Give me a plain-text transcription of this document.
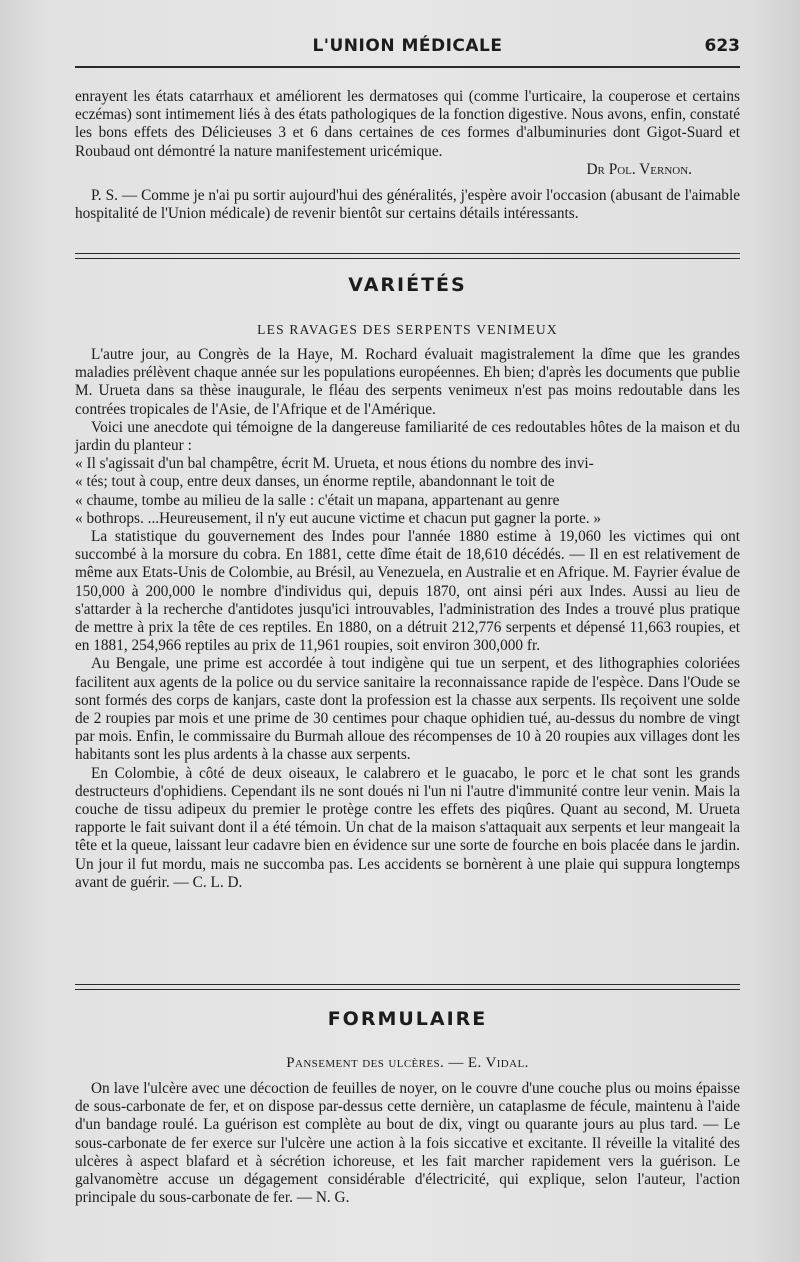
L'UNION MÉDICALE	623

enrayent les états catarrhaux et améliorent les dermatoses qui (comme l'urticaire, la couperose et certains eczémas) sont intimement liés à des états pathologiques de la fonction digestive. Nous avons, enfin, constaté les bons effets des Délicieuses 3 et 6 dans certaines de ces formes d'albuminuries dont Gigot-Suard et Roubaud ont démontré la nature manifestement uricémique.

Dr Pol. Vernon.

P. S. — Comme je n'ai pu sortir aujourd'hui des généralités, j'espère avoir l'occasion (abusant de l'aimable hospitalité de l'Union médicale) de revenir bientôt sur certains détails intéressants.

VARIÉTÉS
LES RAVAGES DES SERPENTS VENIMEUX

L'autre jour, au Congrès de la Haye, M. Rochard évaluait magistralement la dîme que les grandes maladies prélèvent chaque année sur les populations européennes. Eh bien; d'après les documents que publie M. Urueta dans sa thèse inaugurale, le fléau des serpents venimeux n'est pas moins redoutable dans les contrées tropicales de l'Asie, de l'Afrique et de l'Amérique.

Voici une anecdote qui témoigne de la dangereuse familiarité de ces redoutables hôtes de la maison et du jardin du planteur :

« Il s'agissait d'un bal champêtre, écrit M. Urueta, et nous étions du nombre des invi-

« tés; tout à coup, entre deux danses, un énorme reptile, abandonnant le toit de

« chaume, tombe au milieu de la salle : c'était un mapana, appartenant au genre

« bothrops. ...Heureusement, il n'y eut aucune victime et chacun put gagner la porte. »

La statistique du gouvernement des Indes pour l'année 1880 estime à 19,060 les victimes qui ont succombé à la morsure du cobra. En 1881, cette dîme était de 18,610 décédés. — Il en est relativement de même aux Etats-Unis de Colombie, au Brésil, au Venezuela, en Australie et en Afrique. M. Fayrier évalue de 150,000 à 200,000 le nombre d'individus qui, depuis 1870, ont ainsi péri aux Indes. Aussi au lieu de s'attarder à la recherche d'antidotes jusqu'ici introuvables, l'administration des Indes a trouvé plus pratique de mettre à prix la tête de ces reptiles. En 1880, on a détruit 212,776 serpents et dépensé 11,663 roupies, et en 1881, 254,966 reptiles au prix de 11,961 roupies, soit environ 300,000 fr.

Au Bengale, une prime est accordée à tout indigène qui tue un serpent, et des lithographies coloriées facilitent aux agents de la police ou du service sanitaire la reconnaissance rapide de l'espèce. Dans l'Oude se sont formés des corps de kanjars, caste dont la profession est la chasse aux serpents. Ils reçoivent une solde de 2 roupies par mois et une prime de 30 centimes pour chaque ophidien tué, au-dessus du nombre de vingt par mois. Enfin, le commissaire du Burmah alloue des récompenses de 10 à 20 roupies aux villages dont les habitants sont les plus ardents à la chasse aux serpents.

En Colombie, à côté de deux oiseaux, le calabrero et le guacabo, le porc et le chat sont les grands destructeurs d'ophidiens. Cependant ils ne sont doués ni l'un ni l'autre d'immunité contre leur venin. Mais la couche de tissu adipeux du premier le protège contre les effets des piqûres. Quant au second, M. Urueta rapporte le fait suivant dont il a été témoin. Un chat de la maison s'attaquait aux serpents et leur mangeait la tête et la queue, laissant leur cadavre bien en évidence sur une sorte de fourche en bois placée dans le jardin. Un jour il fut mordu, mais ne succomba pas. Les accidents se bornèrent à une plaie qui suppura longtemps avant de guérir. — C. L. D.

FORMULAIRE
Pansement des ulcères. — E. Vidal.

On lave l'ulcère avec une décoction de feuilles de noyer, on le couvre d'une couche plus ou moins épaisse de sous-carbonate de fer, et on dispose par-dessus cette dernière, un cataplasme de fécule, maintenu à l'aide d'un bandage roulé. La guérison est complète au bout de dix, vingt ou quarante jours au plus tard. — Le sous-carbonate de fer exerce sur l'ulcère une action à la fois siccative et excitante. Il réveille la vitalité des ulcères à aspect blafard et à sécrétion ichoreuse, et les fait marcher rapidement vers la guérison. Le galvanomètre accuse un dégagement considérable d'électricité, qui explique, selon l'auteur, l'action principale du sous-carbonate de fer. — N. G.
